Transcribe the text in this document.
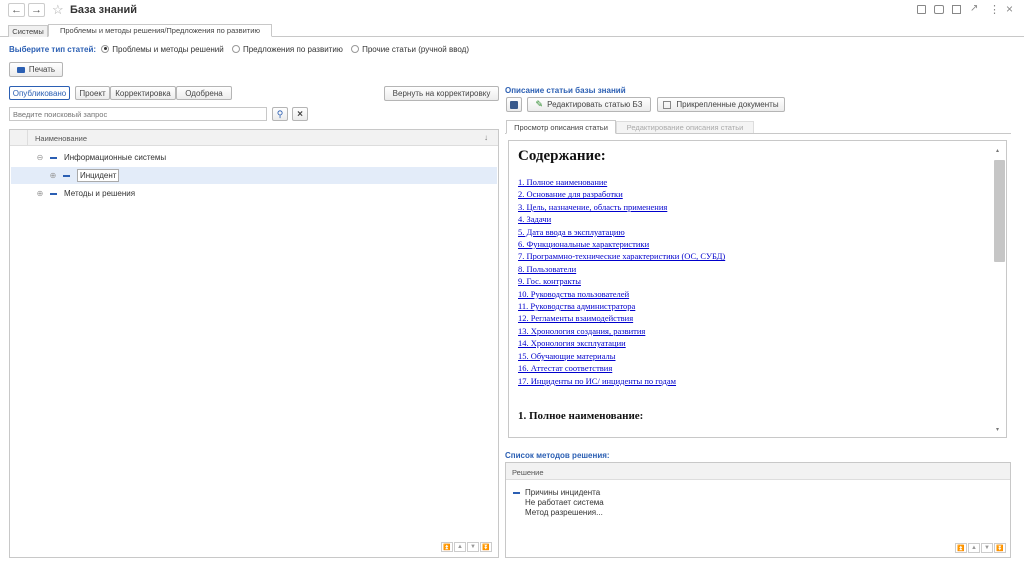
← → ☆ База знаний	↗ ⋮ ×
Системы	Проблемы и методы решения/Предложения по развитию
Выберите тип статей: Проблемы и методы решений Предложения по развитию Прочие статьи (ручной ввод)
Печать
Опубликовано	Проект	Корректировка	Одобрена	Вернуть на корректировку
Введите поисковый запрос
⚲ ×
Наименование	↓
⊖	Информационные системы
⊕	Инцидент
⊕	Методы и решения
⏫	▲	▼	⏬
Описание статьи базы знаний
✎ Редактировать статью БЗ	Прикрепленные документы
Просмотр описания статьи	Редактирование описания статьи
Содержание:
1. Полное наименование
2. Основание для разработки
3. Цель, назначение, область применения
4. Задачи
5. Дата ввода в эксплуатацию
6. Функциональные характеристики
7. Программно-технические характеристики (ОС, СУБД)
8. Пользователи
9. Гос. контракты
10. Руководства пользователей
11. Руководства администратора
12. Регламенты взаимодействия
13. Хронология создания, развития
14. Хронология эксплуатации
15. Обучающие материалы
16. Аттестат соответствия
17. Инциденты по ИС/ инциденты по годам
1. Полное наименование:
▴
▾
Список методов решения:
Решение
Причины инцидента
Не работает система
Метод разрешения...
⏫	▲	▼	⏬
